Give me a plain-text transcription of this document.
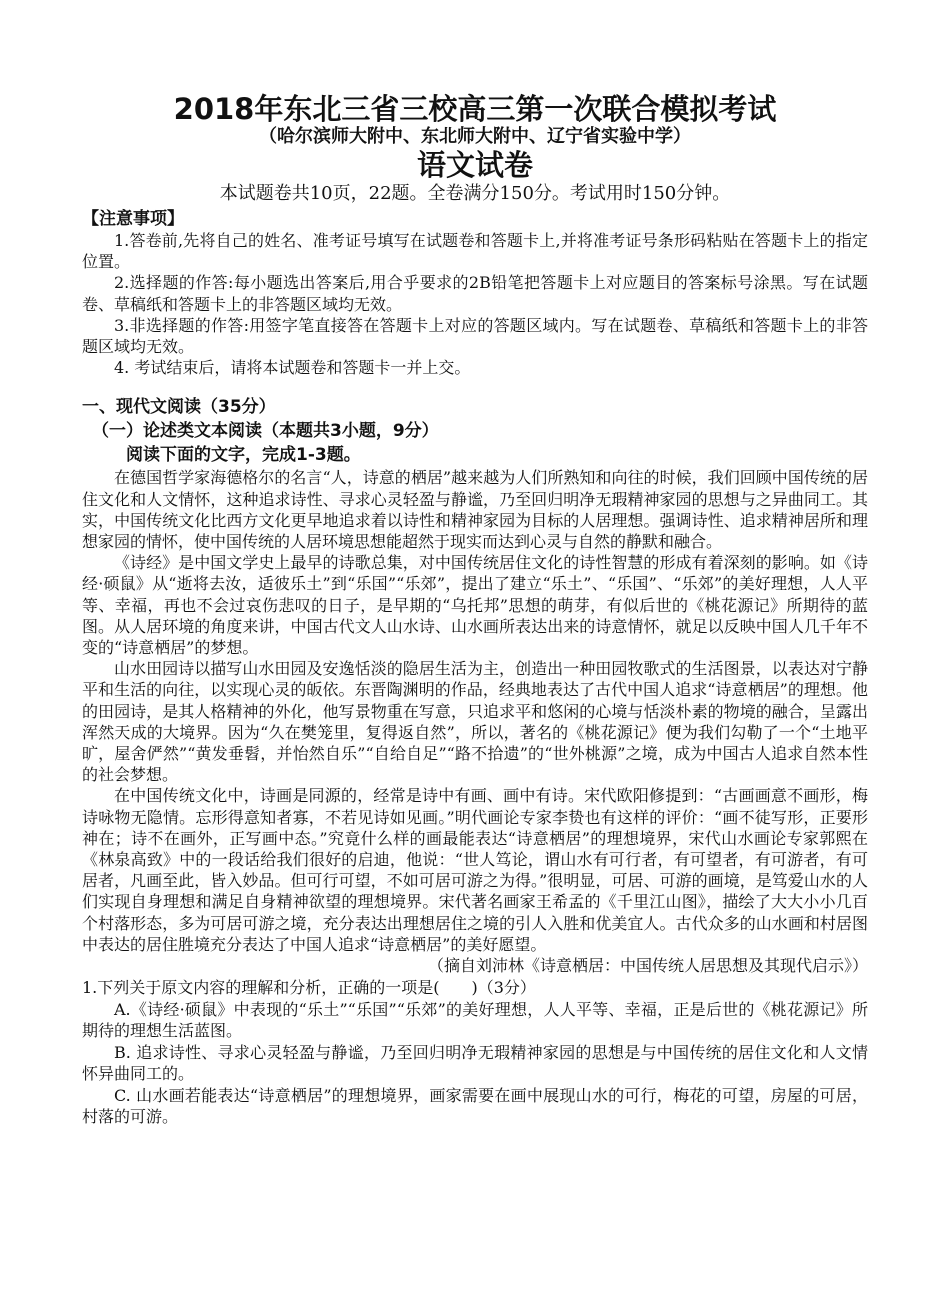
2018年东北三省三校高三第一次联合模拟考试

（哈尔滨师大附中、东北师大附中、辽宁省实验中学）

语文试卷

本试题卷共10页，22题。全卷满分150分。考试用时150分钟。

【注意事项】

1.答卷前,先将自己的姓名、准考证号填写在试题卷和答题卡上,并将准考证号条形码粘贴在答题卡上的指定位置。

2.选择题的作答:每小题选出答案后,用合乎要求的2B铅笔把答题卡上对应题目的答案标号涂黑。写在试题卷、草稿纸和答题卡上的非答题区域均无效。

3.非选择题的作答:用签字笔直接答在答题卡上对应的答题区域内。写在试题卷、草稿纸和答题卡上的非答题区域均无效。

4. 考试结束后，请将本试题卷和答题卡一并上交。

一、现代文阅读（35分）

（一）论述类文本阅读（本题共3小题，9分）

阅读下面的文字，完成1-3题。

在德国哲学家海德格尔的名言“人，诗意的栖居”越来越为人们所熟知和向往的时候，我们回顾中国传统的居住文化和人文情怀，这种追求诗性、寻求心灵轻盈与静谧，乃至回归明净无瑕精神家园的思想与之异曲同工。其实，中国传统文化比西方文化更早地追求着以诗性和精神家园为目标的人居理想。强调诗性、追求精神居所和理想家园的情怀，使中国传统的人居环境思想能超然于现实而达到心灵与自然的静默和融合。

《诗经》是中国文学史上最早的诗歌总集，对中国传统居住文化的诗性智慧的形成有着深刻的影响。如《诗经·硕鼠》从“逝将去汝，适彼乐土”到“乐国”“乐郊”，提出了建立“乐土”、“乐国”、“乐郊”的美好理想，人人平等、幸福，再也不会过哀伤悲叹的日子，是早期的“乌托邦”思想的萌芽，有似后世的《桃花源记》所期待的蓝图。从人居环境的角度来讲，中国古代文人山水诗、山水画所表达出来的诗意情怀，就足以反映中国人几千年不变的“诗意栖居”的梦想。

山水田园诗以描写山水田园及安逸恬淡的隐居生活为主，创造出一种田园牧歌式的生活图景，以表达对宁静平和生活的向往，以实现心灵的皈依。东晋陶渊明的作品，经典地表达了古代中国人追求“诗意栖居”的理想。他的田园诗，是其人格精神的外化，他写景物重在写意，只追求平和悠闲的心境与恬淡朴素的物境的融合，呈露出浑然天成的大境界。因为“久在樊笼里，复得返自然”，所以，著名的《桃花源记》便为我们勾勒了一个“土地平旷，屋舍俨然”“黄发垂髫，并怡然自乐”“自给自足”“路不拾遗”的“世外桃源”之境，成为中国古人追求自然本性的社会梦想。

在中国传统文化中，诗画是同源的，经常是诗中有画、画中有诗。宋代欧阳修提到：“古画画意不画形，梅诗咏物无隐情。忘形得意知者寡，不若见诗如见画。”明代画论专家李贽也有这样的评价：“画不徒写形，正要形神在；诗不在画外，正写画中态。”究竟什么样的画最能表达“诗意栖居”的理想境界，宋代山水画论专家郭熙在《林泉高致》中的一段话给我们很好的启迪，他说：“世人笃论，谓山水有可行者，有可望者，有可游者，有可居者，凡画至此，皆入妙品。但可行可望，不如可居可游之为得。”很明显，可居、可游的画境，是笃爱山水的人们实现自身理想和满足自身精神欲望的理想境界。宋代著名画家王希孟的《千里江山图》，描绘了大大小小几百个村落形态，多为可居可游之境，充分表达出理想居住之境的引人入胜和优美宜人。古代众多的山水画和村居图中表达的居住胜境充分表达了中国人追求“诗意栖居”的美好愿望。

（摘自刘沛林《诗意栖居：中国传统人居思想及其现代启示》）

1.下列关于原文内容的理解和分析，正确的一项是(　　)（3分）

A.《诗经·硕鼠》中表现的“乐土”“乐国”“乐郊”的美好理想，人人平等、幸福，正是后世的《桃花源记》所期待的理想生活蓝图。

B. 追求诗性、寻求心灵轻盈与静谧，乃至回归明净无瑕精神家园的思想是与中国传统的居住文化和人文情怀异曲同工的。

C. 山水画若能表达“诗意栖居”的理想境界，画家需要在画中展现山水的可行，梅花的可望，房屋的可居，村落的可游。
